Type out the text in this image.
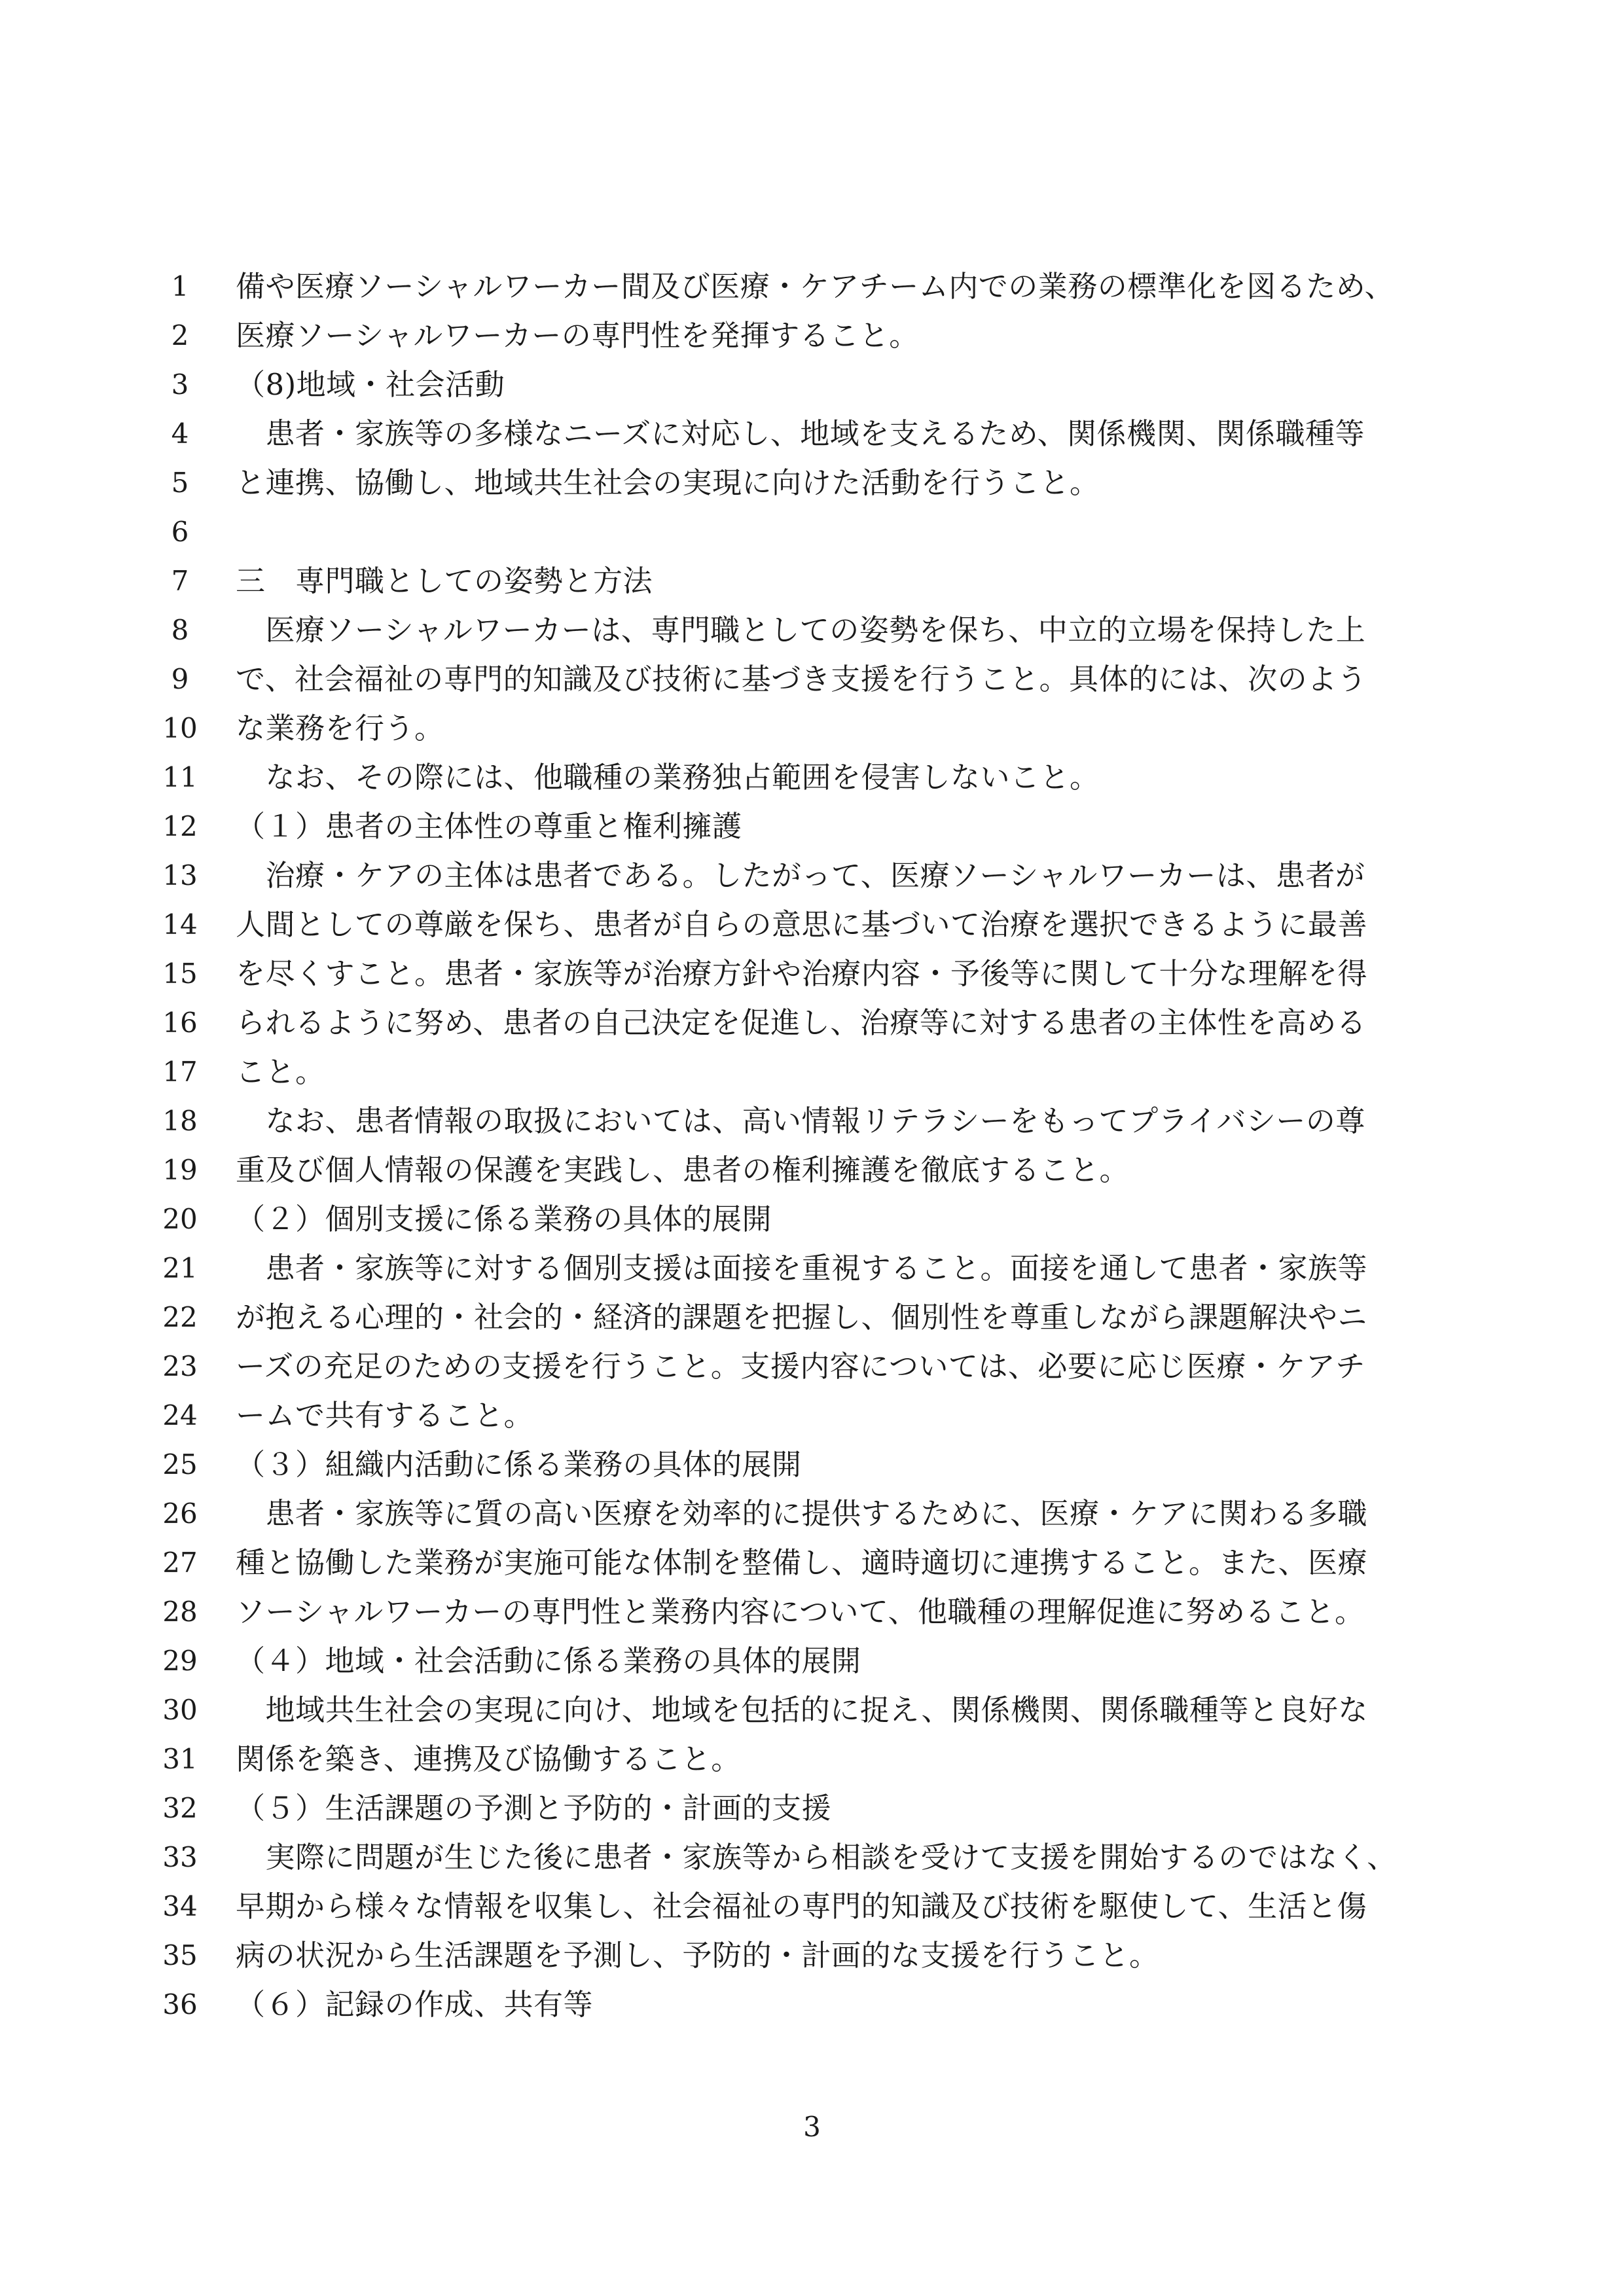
1	備や医療ソーシャルワーカー間及び医療・ケアチーム内での業務の標準化を図るため、
2	医療ソーシャルワーカーの専門性を発揮すること。
3	（8)地域・社会活動
4	　患者・家族等の多様なニーズに対応し、地域を支えるため、関係機関、関係職種等
5	と連携、協働し、地域共生社会の実現に向けた活動を行うこと。
6
7	三　専門職としての姿勢と方法
8	　医療ソーシャルワーカーは、専門職としての姿勢を保ち、中立的立場を保持した上
9	で、社会福祉の専門的知識及び技術に基づき支援を行うこと。具体的には、次のよう
10	な業務を行う。
11	　なお、その際には、他職種の業務独占範囲を侵害しないこと。
12	（１）患者の主体性の尊重と権利擁護
13	　治療・ケアの主体は患者である。したがって、医療ソーシャルワーカーは、患者が
14	人間としての尊厳を保ち、患者が自らの意思に基づいて治療を選択できるように最善
15	を尽くすこと。患者・家族等が治療方針や治療内容・予後等に関して十分な理解を得
16	られるように努め、患者の自己決定を促進し、治療等に対する患者の主体性を高める
17	こと。
18	　なお、患者情報の取扱においては、高い情報リテラシーをもってプライバシーの尊
19	重及び個人情報の保護を実践し、患者の権利擁護を徹底すること。
20	（２）個別支援に係る業務の具体的展開
21	　患者・家族等に対する個別支援は面接を重視すること。面接を通して患者・家族等
22	が抱える心理的・社会的・経済的課題を把握し、個別性を尊重しながら課題解決やニ
23	ーズの充足のための支援を行うこと。支援内容については、必要に応じ医療・ケアチ
24	ームで共有すること。
25	（３）組織内活動に係る業務の具体的展開
26	　患者・家族等に質の高い医療を効率的に提供するために、医療・ケアに関わる多職
27	種と協働した業務が実施可能な体制を整備し、適時適切に連携すること。また、医療
28	ソーシャルワーカーの専門性と業務内容について、他職種の理解促進に努めること。
29	（４）地域・社会活動に係る業務の具体的展開
30	　地域共生社会の実現に向け、地域を包括的に捉え、関係機関、関係職種等と良好な
31	関係を築き、連携及び協働すること。
32	（５）生活課題の予測と予防的・計画的支援
33	　実際に問題が生じた後に患者・家族等から相談を受けて支援を開始するのではなく、
34	早期から様々な情報を収集し、社会福祉の専門的知識及び技術を駆使して、生活と傷
35	病の状況から生活課題を予測し、予防的・計画的な支援を行うこと。
36	（６）記録の作成、共有等
3
